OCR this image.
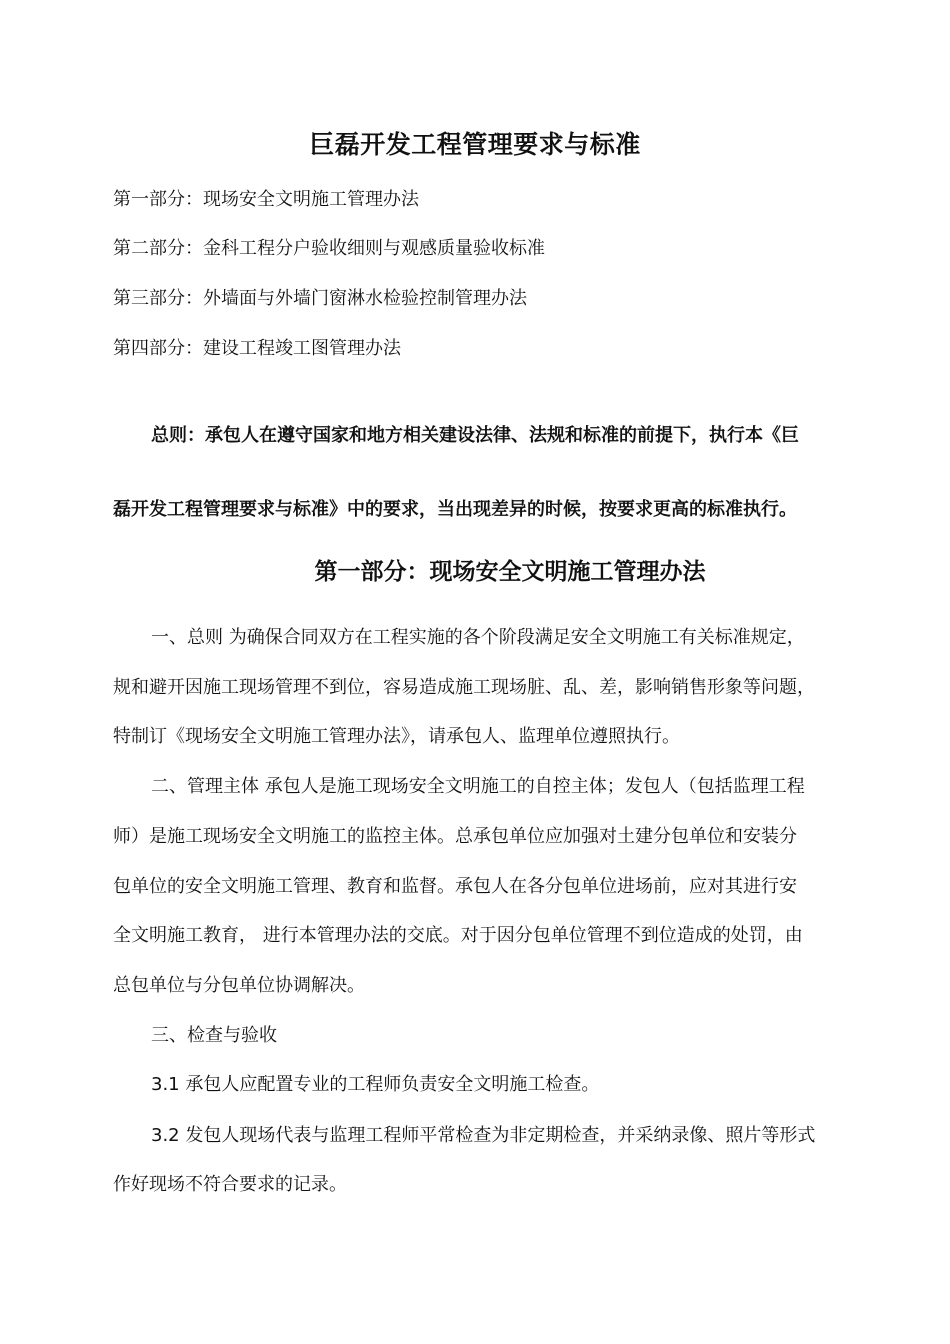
巨磊开发工程管理要求与标准
第一部分：现场安全文明施工管理办法
第二部分：金科工程分户验收细则与观感质量验收标准
第三部分：外墙面与外墙门窗淋水检验控制管理办法
第四部分：建设工程竣工图管理办法
总则：承包人在遵守国家和地方相关建设法律、法规和标准的前提下，执行本《巨
磊开发工程管理要求与标准》中的要求，当出现差异的时候，按要求更高的标准执行。
第一部分：现场安全文明施工管理办法
一、总则 为确保合同双方在工程实施的各个阶段满足安全文明施工有关标准规定，
规和避开因施工现场管理不到位，容易造成施工现场脏、乱、差，影响销售形象等问题，
特制订《现场安全文明施工管理办法》，请承包人、监理单位遵照执行。
二、管理主体 承包人是施工现场安全文明施工的自控主体；发包人（包括监理工程
师）是施工现场安全文明施工的监控主体。总承包单位应加强对土建分包单位和安装分
包单位的安全文明施工管理、教育和监督。承包人在各分包单位进场前，应对其进行安
全文明施工教育， 进行本管理办法的交底。对于因分包单位管理不到位造成的处罚，由
总包单位与分包单位协调解决。
三、检查与验收
3.1 承包人应配置专业的工程师负责安全文明施工检查。
3.2 发包人现场代表与监理工程师平常检查为非定期检查，并采纳录像、照片等形式
作好现场不符合要求的记录。
